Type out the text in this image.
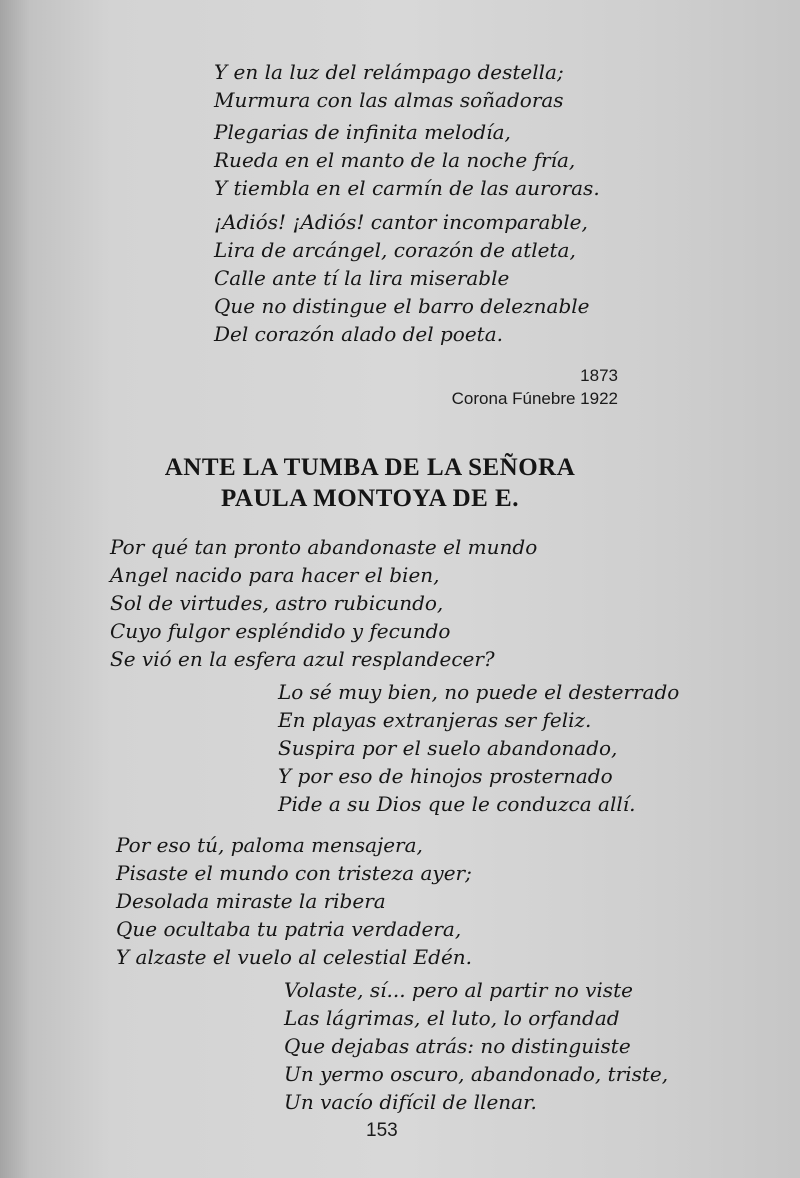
Y en la luz del relámpago destella;
Murmura con las almas soñadoras
Plegarias de infinita melodía,
Rueda en el manto de la noche fría,
Y tiembla en el carmín de las auroras.
¡Adiós! ¡Adiós! cantor incomparable,
Lira de arcángel, corazón de atleta,
Calle ante tí la lira miserable
Que no distingue el barro deleznable
Del corazón alado del poeta.
1873
Corona Fúnebre 1922
ANTE LA TUMBA DE LA SEÑORA
PAULA MONTOYA DE E.
Por qué tan pronto abandonaste el mundo
Angel nacido para hacer el bien,
Sol de virtudes, astro rubicundo,
Cuyo fulgor espléndido y fecundo
Se vió en la esfera azul resplandecer?
Lo sé muy bien, no puede el desterrado
En playas extranjeras ser feliz.
Suspira por el suelo abandonado,
Y por eso de hinojos prosternado
Pide a su Dios que le conduzca allí.
Por eso tú, paloma mensajera,
Pisaste el mundo con tristeza ayer;
Desolada miraste la ribera
Que ocultaba tu patria verdadera,
Y alzaste el vuelo al celestial Edén.
Volaste, sí... pero al partir no viste
Las lágrimas, el luto, lo orfandad
Que dejabas atrás: no distinguiste
Un yermo oscuro, abandonado, triste,
Un vacío difícil de llenar.
153
